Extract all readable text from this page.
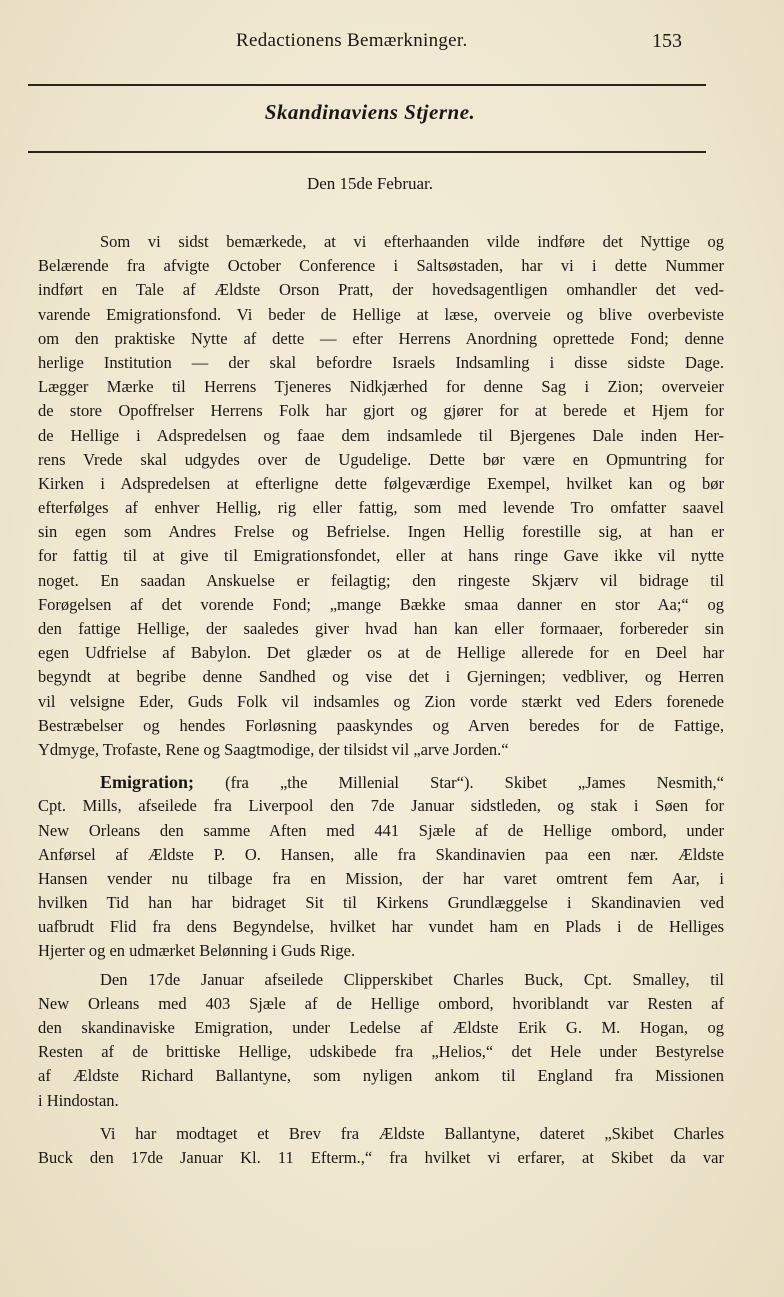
Redactionens Bemærkninger.	153
Skandinaviens Stjerne.
Den 15de Februar.
Som vi sidst bemærkede, at vi efterhaanden vilde indføre det Nyttige og
Belærende fra afvigte October Conference i Saltsøstaden, har vi i dette Nummer
indført en Tale af Ældste Orson Pratt, der hovedsagentligen omhandler det ved-
varende Emigrationsfond. Vi beder de Hellige at læse, overveie og blive overbeviste
om den praktiske Nytte af dette — efter Herrens Anordning oprettede Fond; denne
herlige Institution — der skal befordre Israels Indsamling i disse sidste Dage.
Lægger Mærke til Herrens Tjeneres Nidkjærhed for denne Sag i Zion; overveier
de store Opoffrelser Herrens Folk har gjort og gjører for at berede et Hjem for
de Hellige i Adspredelsen og faae dem indsamlede til Bjergenes Dale inden Her-
rens Vrede skal udgydes over de Ugudelige. Dette bør være en Opmuntring for
Kirken i Adspredelsen at efterligne dette følgeværdige Exempel, hvilket kan og bør
efterfølges af enhver Hellig, rig eller fattig, som med levende Tro omfatter saavel
sin egen som Andres Frelse og Befrielse. Ingen Hellig forestille sig, at han er
for fattig til at give til Emigrationsfondet, eller at hans ringe Gave ikke vil nytte
noget. En saadan Anskuelse er feilagtig; den ringeste Skjærv vil bidrage til
Forøgelsen af det vorende Fond; „mange Bække smaa danner en stor Aa;“ og
den fattige Hellige, der saaledes giver hvad han kan eller formaaer, forbereder sin
egen Udfrielse af Babylon. Det glæder os at de Hellige allerede for en Deel har
begyndt at begribe denne Sandhed og vise det i Gjerningen; vedbliver, og Herren
vil velsigne Eder, Guds Folk vil indsamles og Zion vorde stærkt ved Eders forenede
Bestræbelser og hendes Forløsning paaskyndes og Arven beredes for de Fattige,
Ydmyge, Trofaste, Rene og Saagtmodige, der tilsidst vil „arve Jorden.“
Emigration; (fra „the Millenial Star“). Skibet „James Nesmith,“
Cpt. Mills, afseilede fra Liverpool den 7de Januar sidstleden, og stak i Søen for
New Orleans den samme Aften med 441 Sjæle af de Hellige ombord, under
Anførsel af Ældste P. O. Hansen, alle fra Skandinavien paa een nær. Ældste
Hansen vender nu tilbage fra en Mission, der har varet omtrent fem Aar, i
hvilken Tid han har bidraget Sit til Kirkens Grundlæggelse i Skandinavien ved
uafbrudt Flid fra dens Begyndelse, hvilket har vundet ham en Plads i de Helliges
Hjerter og en udmærket Belønning i Guds Rige.
Den 17de Januar afseilede Clipperskibet Charles Buck, Cpt. Smalley, til
New Orleans med 403 Sjæle af de Hellige ombord, hvoriblandt var Resten af
den skandinaviske Emigration, under Ledelse af Ældste Erik G. M. Hogan, og
Resten af de brittiske Hellige, udskibede fra „Helios,“ det Hele under Bestyrelse
af Ældste Richard Ballantyne, som nyligen ankom til England fra Missionen
i Hindostan.
Vi har modtaget et Brev fra Ældste Ballantyne, dateret „Skibet Charles
Buck den 17de Januar Kl. 11 Efterm.,“ fra hvilket vi erfarer, at Skibet da var
